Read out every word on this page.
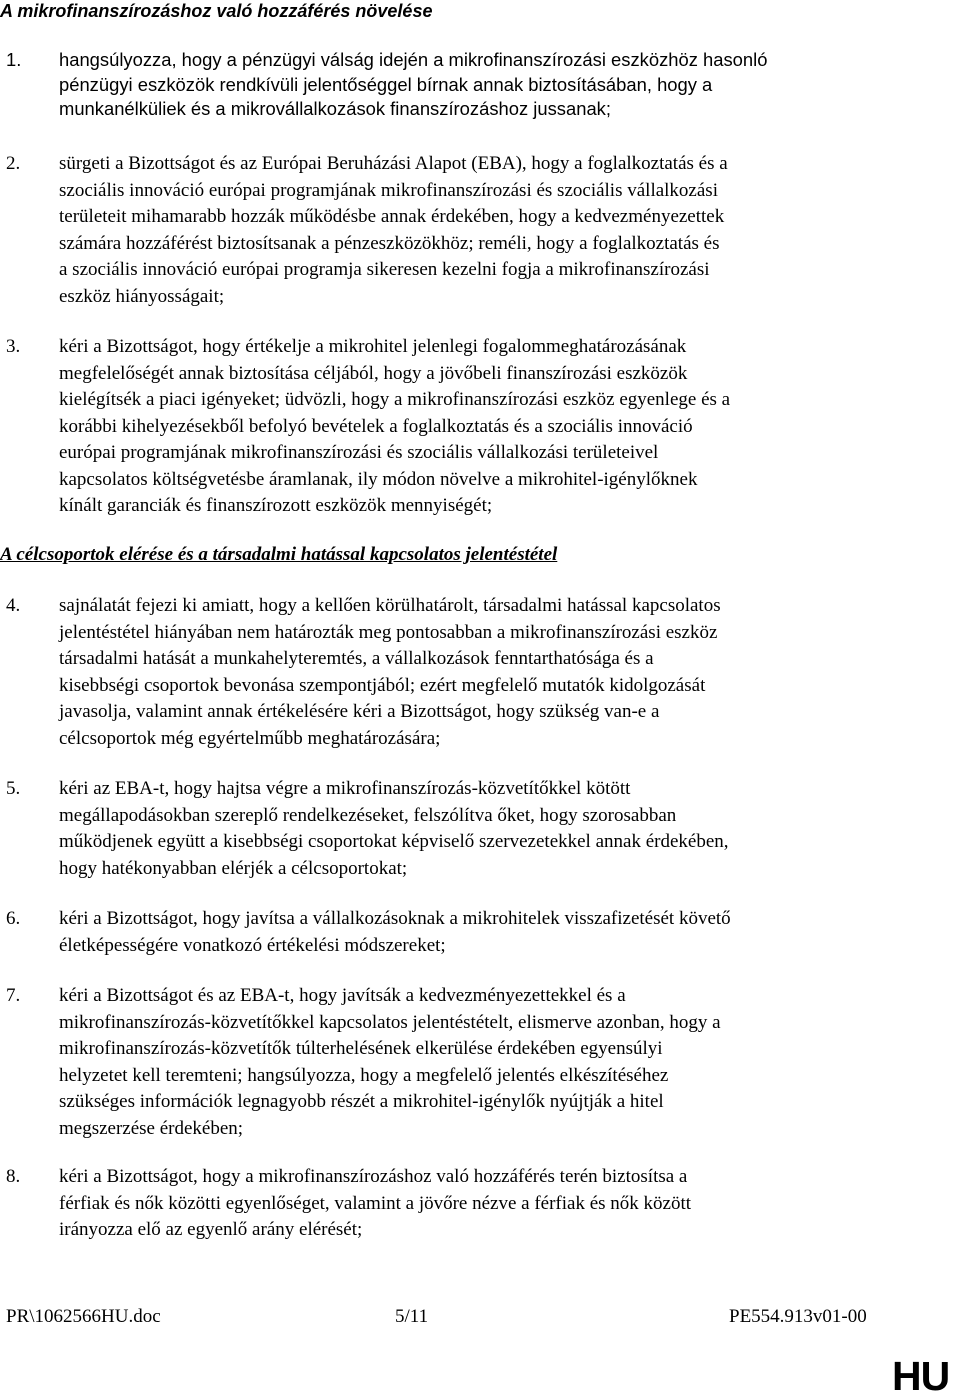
A mikrofinanszírozáshoz való hozzáférés növelése
1. hangsúlyozza, hogy a pénzügyi válság idején a mikrofinanszírozási eszközhöz hasonló
pénzügyi eszközök rendkívüli jelentőséggel bírnak annak biztosításában, hogy a
munkanélküliek és a mikrovállalkozások finanszírozáshoz jussanak;
2. sürgeti a Bizottságot és az Európai Beruházási Alapot (EBA), hogy a foglalkoztatás és a
szociális innováció európai programjának mikrofinanszírozási és szociális vállalkozási
területeit mihamarabb hozzák működésbe annak érdekében, hogy a kedvezményezettek
számára hozzáférést biztosítsanak a pénzeszközökhöz; reméli, hogy a foglalkoztatás és
a szociális innováció európai programja sikeresen kezelni fogja a mikrofinanszírozási
eszköz hiányosságait;
3. kéri a Bizottságot, hogy értékelje a mikrohitel jelenlegi fogalommeghatározásának
megfelelőségét annak biztosítása céljából, hogy a jövőbeli finanszírozási eszközök
kielégítsék a piaci igényeket; üdvözli, hogy a mikrofinanszírozási eszköz egyenlege és a
korábbi kihelyezésekből befolyó bevételek a foglalkoztatás és a szociális innováció
európai programjának mikrofinanszírozási és szociális vállalkozási területeivel
kapcsolatos költségvetésbe áramlanak, ily módon növelve a mikrohitel-igénylőknek
kínált garanciák és finanszírozott eszközök mennyiségét;
A célcsoportok elérése és a társadalmi hatással kapcsolatos jelentéstétel
4. sajnálatát fejezi ki amiatt, hogy a kellően körülhatárolt, társadalmi hatással kapcsolatos
jelentéstétel hiányában nem határozták meg pontosabban a mikrofinanszírozási eszköz
társadalmi hatását a munkahelyteremtés, a vállalkozások fenntarthatósága és a
kisebbségi csoportok bevonása szempontjából; ezért megfelelő mutatók kidolgozását
javasolja, valamint annak értékelésére kéri a Bizottságot, hogy szükség van-e a
célcsoportok még egyértelműbb meghatározására;
5. kéri az EBA-t, hogy hajtsa végre a mikrofinanszírozás-közvetítőkkel kötött
megállapodásokban szereplő rendelkezéseket, felszólítva őket, hogy szorosabban
működjenek együtt a kisebbségi csoportokat képviselő szervezetekkel annak érdekében,
hogy hatékonyabban elérjék a célcsoportokat;
6. kéri a Bizottságot, hogy javítsa a vállalkozásoknak a mikrohitelek visszafizetését követő
életképességére vonatkozó értékelési módszereket;
7. kéri a Bizottságot és az EBA-t, hogy javítsák a kedvezményezettekkel és a
mikrofinanszírozás-közvetítőkkel kapcsolatos jelentéstételt, elismerve azonban, hogy a
mikrofinanszírozás-közvetítők túlterhelésének elkerülése érdekében egyensúlyi
helyzetet kell teremteni; hangsúlyozza, hogy a megfelelő jelentés elkészítéséhez
szükséges információk legnagyobb részét a mikrohitel-igénylők nyújtják a hitel
megszerzése érdekében;
8. kéri a Bizottságot, hogy a mikrofinanszírozáshoz való hozzáférés terén biztosítsa a
férfiak és nők közötti egyenlőséget, valamint a jövőre nézve a férfiak és nők között
irányozza elő az egyenlő arány elérését;
PR\1062566HU.doc	5/11	PE554.913v01-00
HU
